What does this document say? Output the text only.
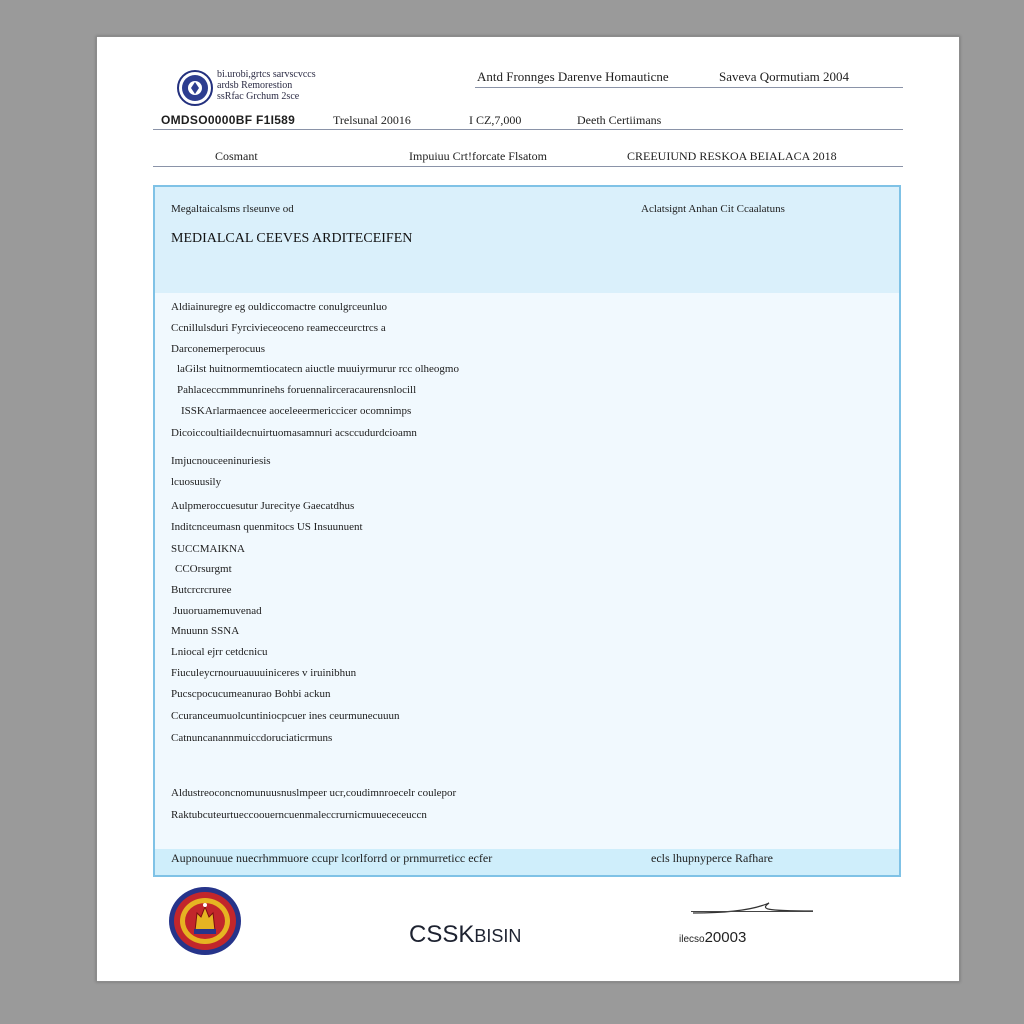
bi.urobi,grtcs sarvscvccs
ardsb Remorestion
ssRfac Grchum 2sce
Antd Fronnges Darenve Homauticne	Saveva Qormutiam 2004
OMDSO0000BF F1I589	Trelsunal 20016	I CZ,7,000	Deeth Certiimans
Cosmant	Impuiuu Crt!forcate Flsatom	CREEUIUND RESKOA BEIALACA 2018
Megaltaicalsms rlseunve od	Aclatsignt Anhan Cit Ccaalatuns
MEDIALCAL CEEVES ARDITECEIFEN
Aldiainuregre eg ouldiccomactre conulgrceunluo
Ccnillulsduri Fyrcivieceoceno reamecceurctrcs a
Darconemerperocuus
laGilst huitnormemtiocatecn aiuctle muuiyrmurur rcc olheogmo
Pahlaceccmmmunrinehs foruennalirceracaurensnlocill
ISSKArlarmaencee aoceleeermericcicer ocomnimps
Dicoiccoultiaildecnuirtuomasamnuri acsccudurdcioamn
Imjucnouceeninuriesis
lcuosuusily
Aulpmeroccuesutur Jurecitye Gaecatdhus
Inditcnceumasn quenmitocs US Insuunuent
SUCCMAIKNA
CCOrsurgmt
Butcrcrcruree
Juuoruamemuvenad
Mnuunn SSNA
Lniocal ejrr cetdcnicu
Fiuculeycrnouruauuuiniceres v iruinibhun
Pucscpocucumeanurao Bohbi ackun
Ccuranceumuolcuntiniocpcuer ines ceurmunecuuun
Catnuncanannmuiccdoruciaticrmuns
Aldustreoconcnomunuusnuslmpeer ucr,coudimnroecelr coulepor
Raktubcuteurtueccoouerncuenmaleccrurnicmuuececeuccn
Aupnounuue nuecrhmmuore ccupr lcorlforrd or prnmurreticc ecfer	ecls lhupnyperce Rafhare
CSSKBISIN	ilecso20003
